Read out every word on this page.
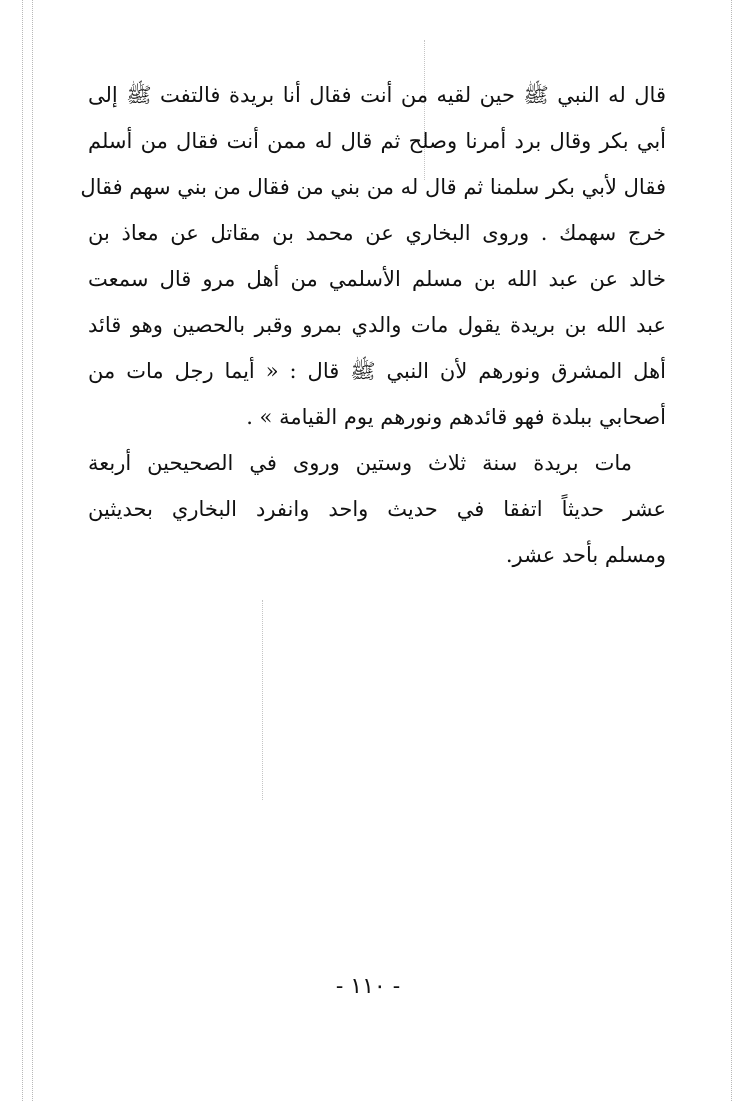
قال له النبي ﷺ حين لقيه من أنت فقال أنا بريدة فالتفت ﷺ إلى
أبي بكر وقال برد أمرنا وصلح ثم قال له ممن أنت فقال من أسلم
فقال لأبي بكر سلمنا ثم قال له من بني من فقال من بني سهم فقال
خرج سهمك . وروى البخاري عن محمد بن مقاتل عن معاذ بن
خالد عن عبد الله بن مسلم الأسلمي من أهل مرو قال سمعت
عبد الله بن بريدة يقول مات والدي بمرو وقبر بالحصين وهو قائد
أهل المشرق ونورهم لأن النبي ﷺ قال : « أيما رجل مات من
أصحابي ببلدة فهو قائدهم ونورهم يوم القيامة » .
مات بريدة سنة ثلاث وستين وروى في الصحيحين أربعة
عشر حديثاً اتفقا في حديث واحد وانفرد البخاري بحديثين
ومسلم بأحد عشر.
- ١١٠ -
